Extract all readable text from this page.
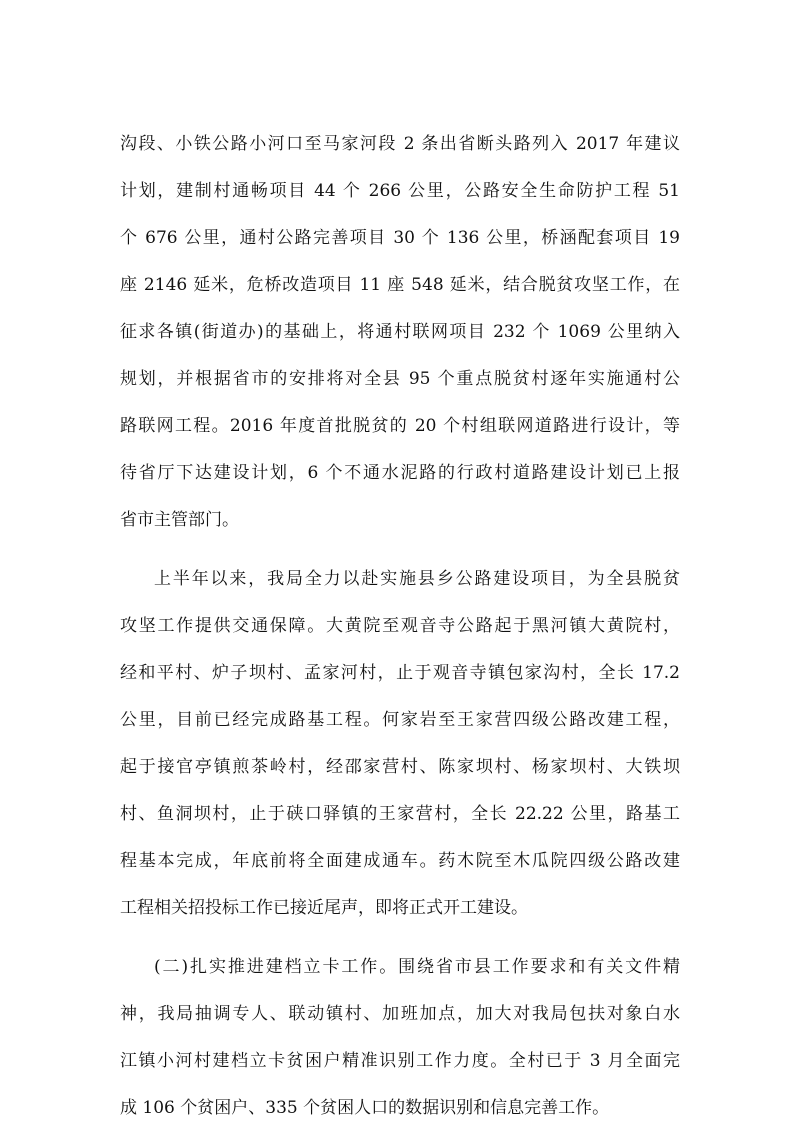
沟段、小铁公路小河口至马家河段 2 条出省断头路列入 2017 年建议
计划，建制村通畅项目 44 个 266 公里，公路安全生命防护工程 51
个 676 公里，通村公路完善项目 30 个 136 公里，桥涵配套项目 19
座 2146 延米，危桥改造项目 11 座 548 延米，结合脱贫攻坚工作，在
征求各镇(街道办)的基础上，将通村联网项目 232 个 1069 公里纳入
规划，并根据省市的安排将对全县 95 个重点脱贫村逐年实施通村公
路联网工程。2016 年度首批脱贫的 20 个村组联网道路进行设计，等
待省厅下达建设计划，6 个不通水泥路的行政村道路建设计划已上报
省市主管部门。
上半年以来，我局全力以赴实施县乡公路建设项目，为全县脱贫
攻坚工作提供交通保障。大黄院至观音寺公路起于黑河镇大黄院村，
经和平村、炉子坝村、孟家河村，止于观音寺镇包家沟村，全长 17.2
公里，目前已经完成路基工程。何家岩至王家营四级公路改建工程，
起于接官亭镇煎茶岭村，经邵家营村、陈家坝村、杨家坝村、大铁坝
村、鱼洞坝村，止于硖口驿镇的王家营村，全长 22.22 公里，路基工
程基本完成，年底前将全面建成通车。药木院至木瓜院四级公路改建
工程相关招投标工作已接近尾声，即将正式开工建设。
(二)扎实推进建档立卡工作。围绕省市县工作要求和有关文件精
神，我局抽调专人、联动镇村、加班加点，加大对我局包扶对象白水
江镇小河村建档立卡贫困户精准识别工作力度。全村已于 3 月全面完
成 106 个贫困户、335 个贫困人口的数据识别和信息完善工作。
